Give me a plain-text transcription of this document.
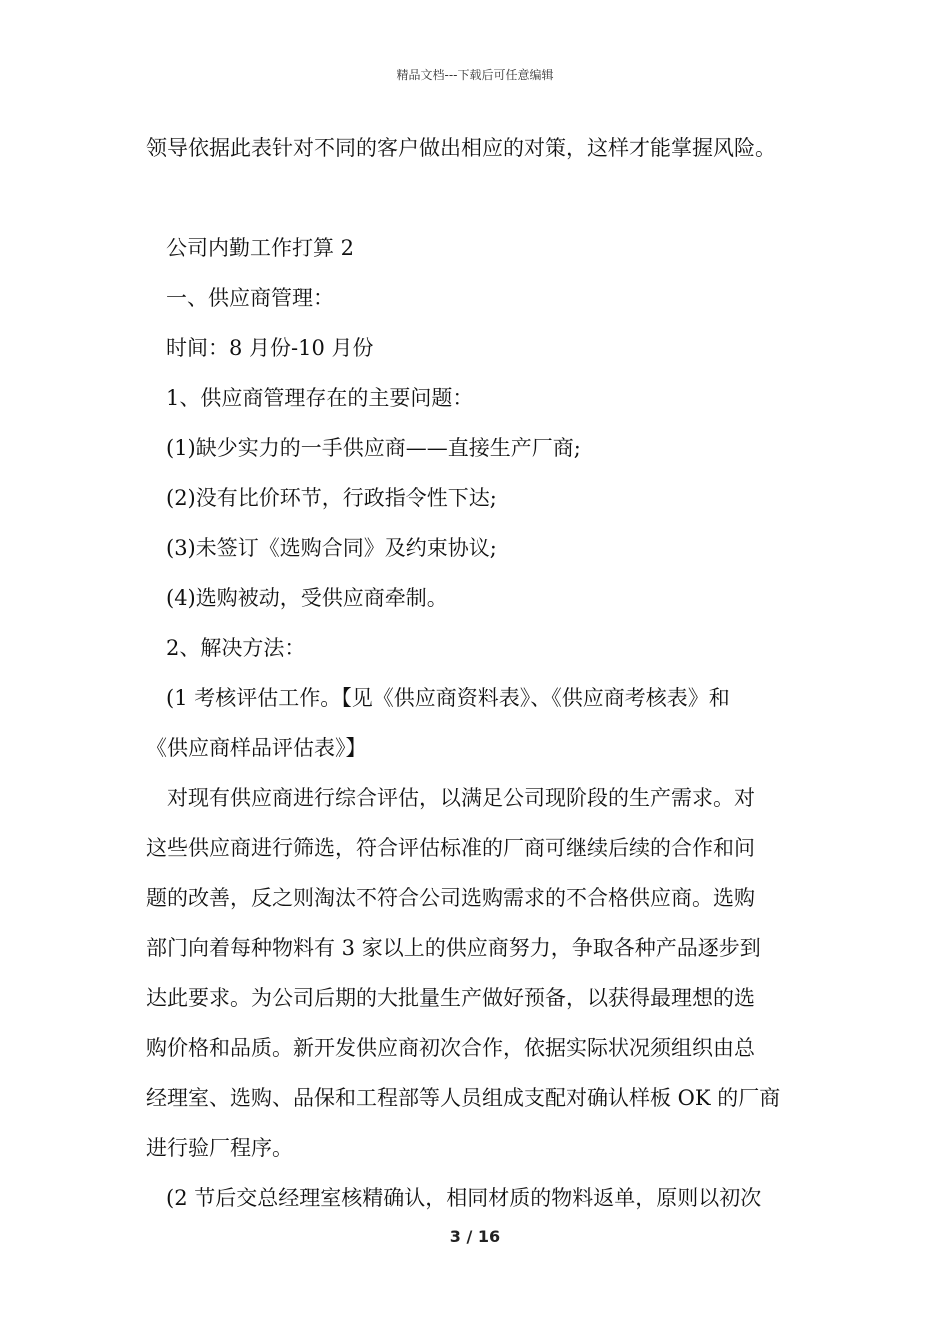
精品文档---下载后可任意编辑
领导依据此表针对不同的客户做出相应的对策，这样才能掌握风险。
公司内勤工作打算 2
一、供应商管理：
时间：8 月份-10 月份
1、供应商管理存在的主要问题：
(1)缺少实力的一手供应商——直接生产厂商;
(2)没有比价环节，行政指令性下达;
(3)未签订《选购合同》及约束协议;
(4)选购被动，受供应商牵制。
2、解决方法：
(1 考核评估工作。【见《供应商资料表》、《供应商考核表》和
《供应商样品评估表》】
　对现有供应商进行综合评估，以满足公司现阶段的生产需求。对
这些供应商进行筛选，符合评估标准的厂商可继续后续的合作和问
题的改善，反之则淘汰不符合公司选购需求的不合格供应商。选购
部门向着每种物料有 3 家以上的供应商努力，争取各种产品逐步到
达此要求。为公司后期的大批量生产做好预备，以获得最理想的选
购价格和品质。新开发供应商初次合作，依据实际状况须组织由总
经理室、选购、品保和工程部等人员组成支配对确认样板 OK 的厂商
进行验厂程序。
(2 节后交总经理室核精确认，相同材质的物料返单，原则以初次
3 / 16
